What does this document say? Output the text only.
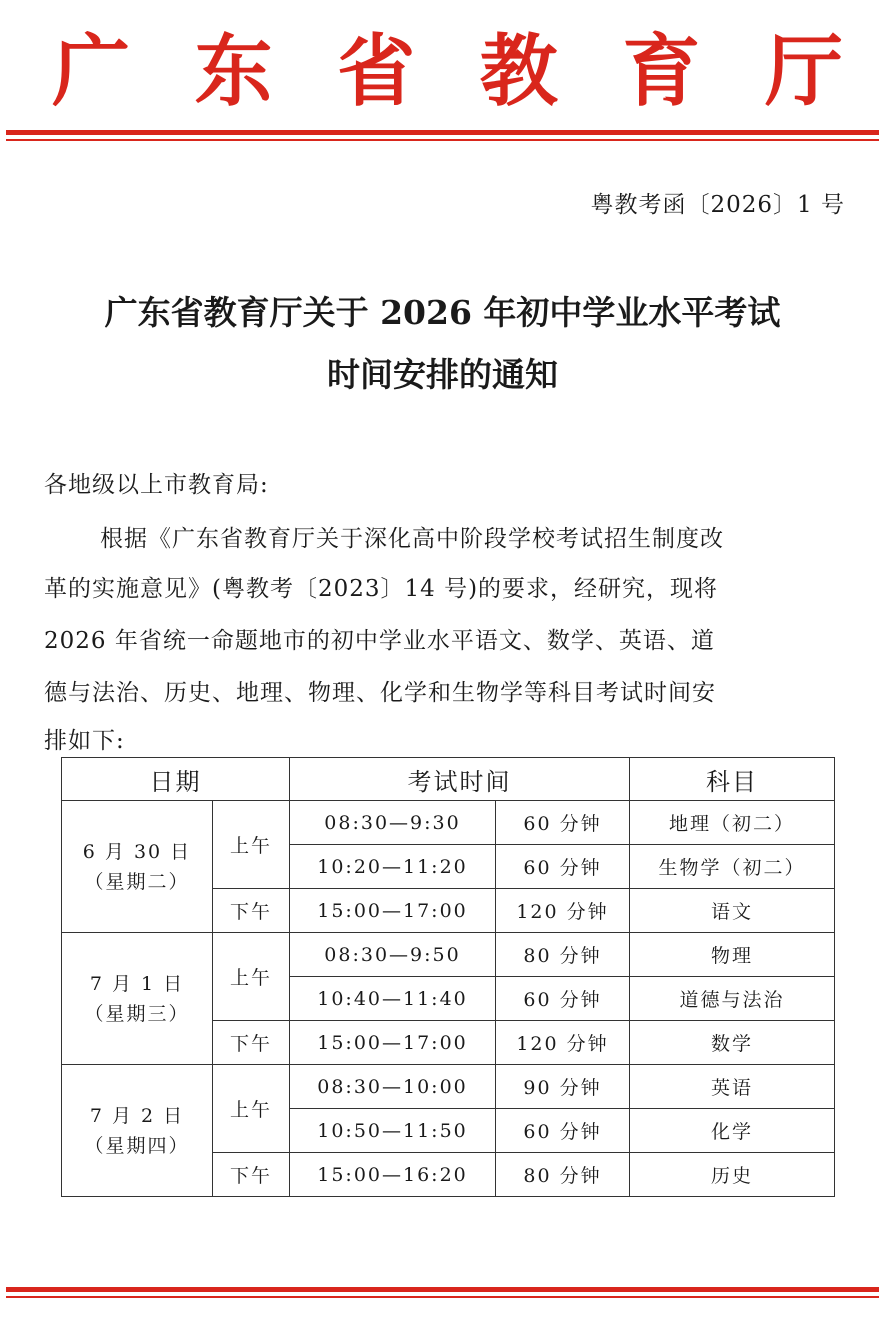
广 东 省 教 育 厅
粤教考函〔2026〕1 号
广东省教育厅关于 2026 年初中学业水平考试
时间安排的通知
各地级以上市教育局:
根据《广东省教育厅关于深化高中阶段学校考试招生制度改
革的实施意见》(粤教考〔2023〕14 号)的要求，经研究，现将
2026 年省统一命题地市的初中学业水平语文、数学、英语、道
德与法治、历史、地理、物理、化学和生物学等科目考试时间安
排如下:
日期		考试时间		科目

6 月 30 日
（星期二）	上午	08:30—9:30	60 分钟	地理（初二）
		10:20—11:20	60 分钟	生物学（初二）
	下午	15:00—17:00	120 分钟	语文

7 月 1 日
（星期三）	上午	08:30—9:50	80 分钟	物理
		10:40—11:40	60 分钟	道德与法治
	下午	15:00—17:00	120 分钟	数学

7 月 2 日
（星期四）	上午	08:30—10:00	90 分钟	英语
		10:50—11:50	60 分钟	化学
	下午	15:00—16:20	80 分钟	历史
